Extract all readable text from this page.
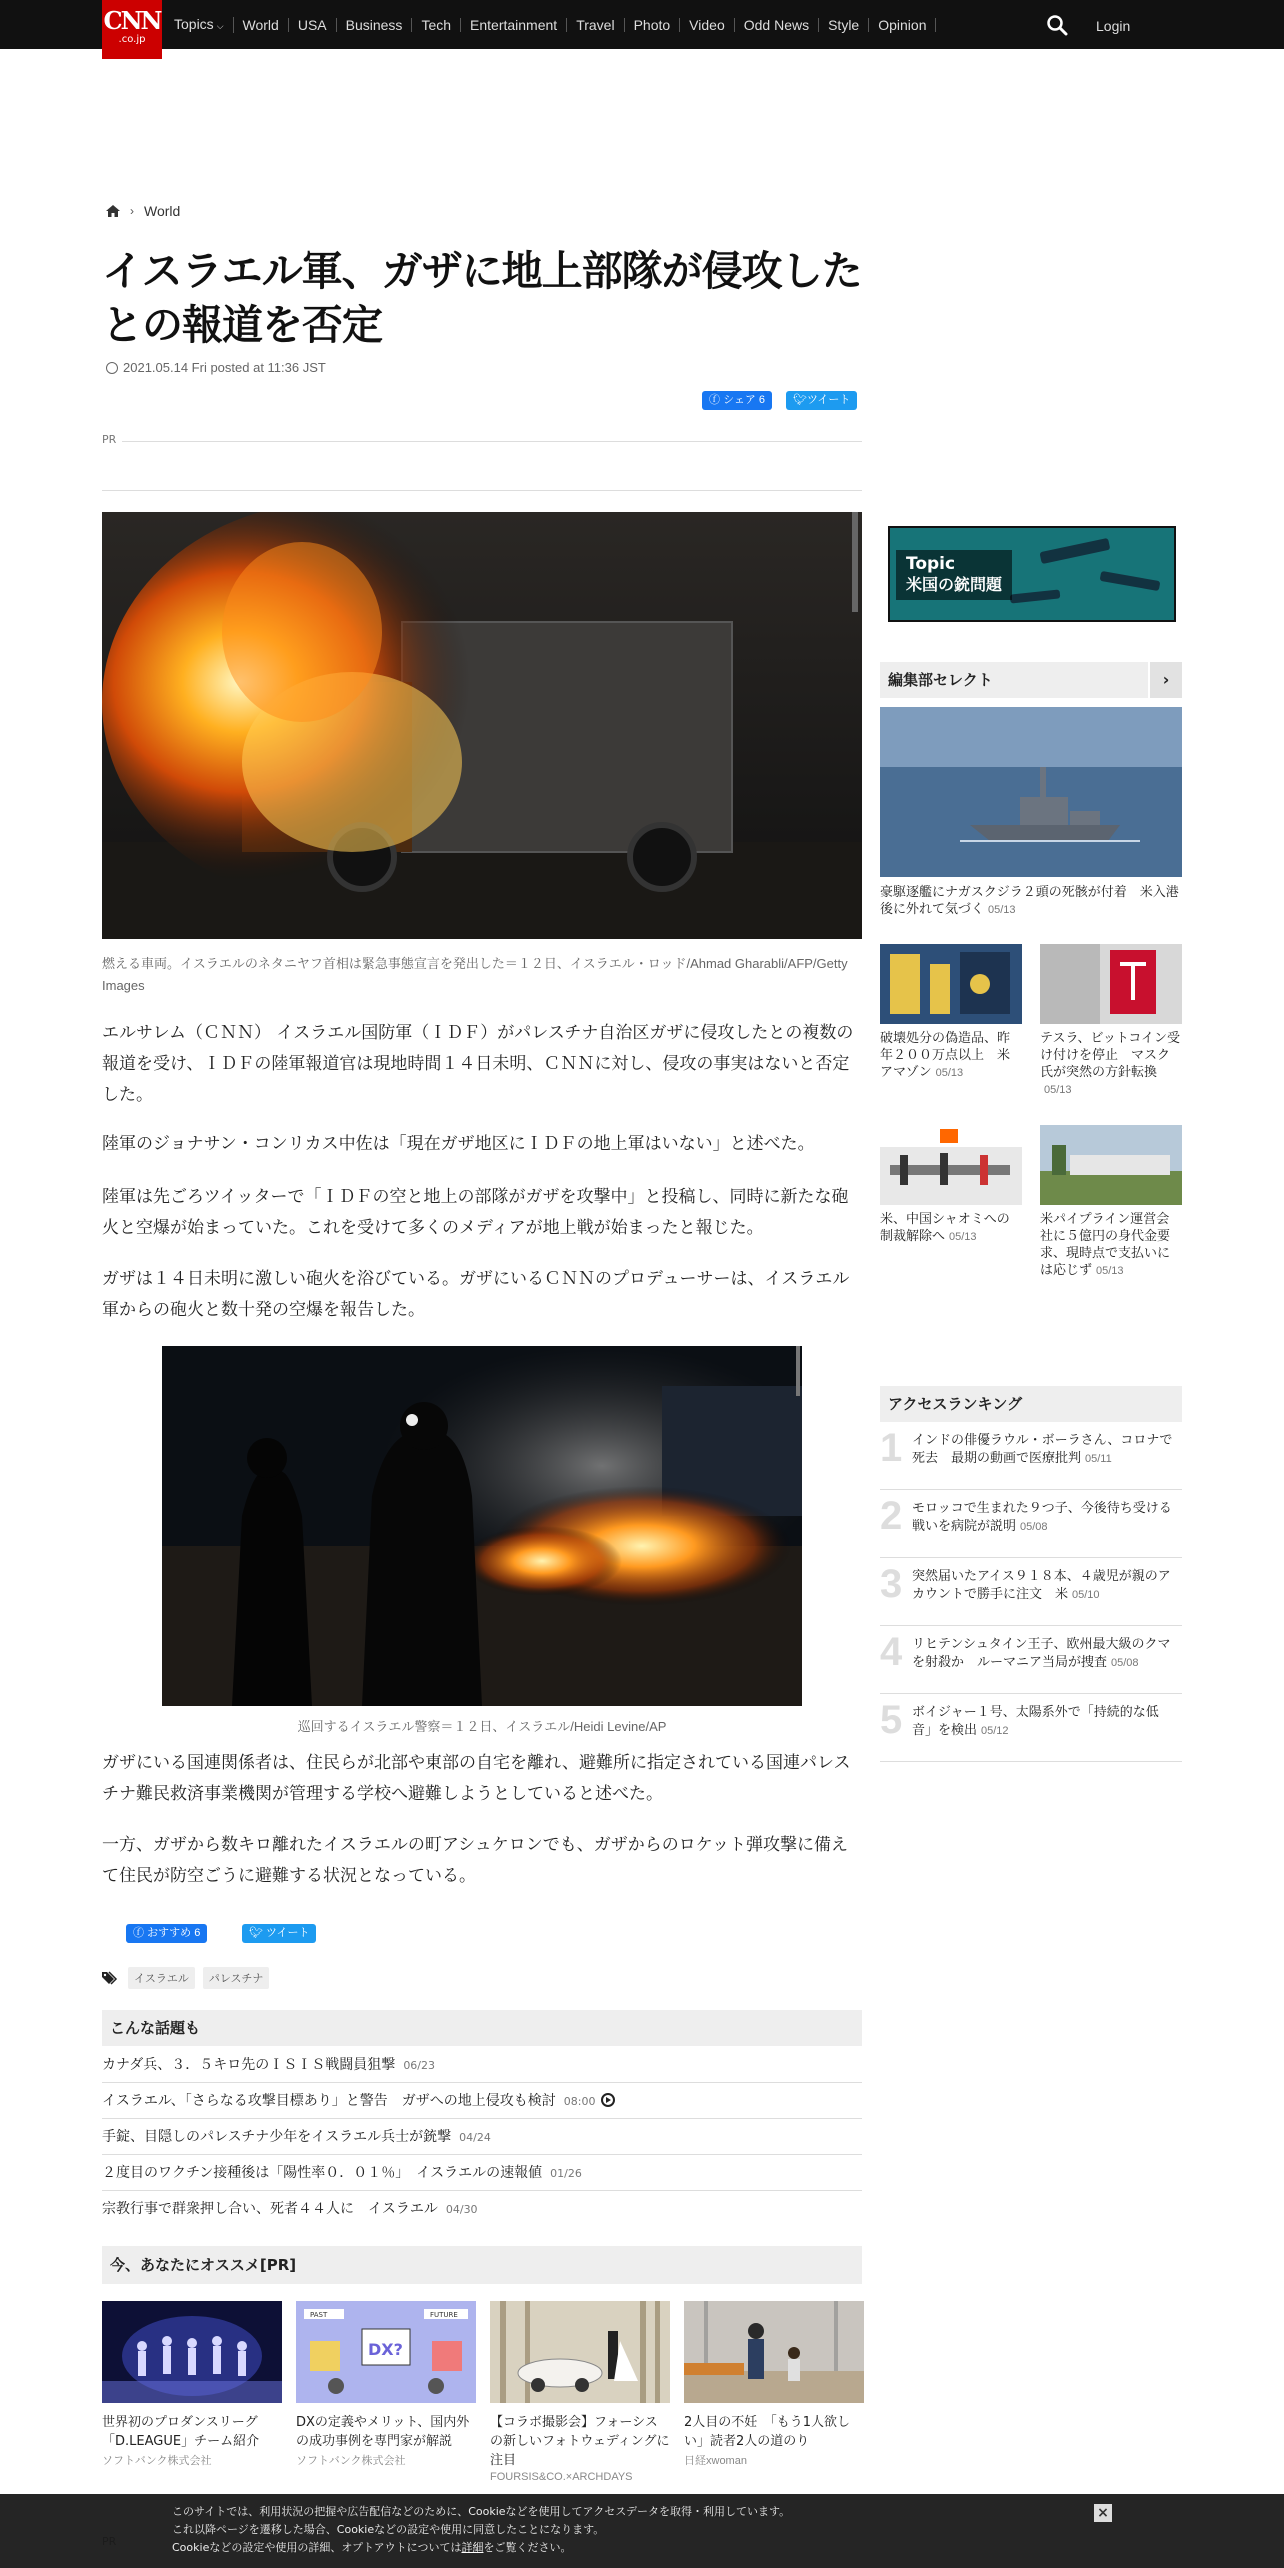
CNN
.co.jp
Topics ⌵	World	USA	Business	Tech	Entertainment	Travel	Photo	Video	Odd News	Style	Opinion	Login
› World
イスラエル軍、ガザに地上部隊が侵攻したとの報道を否定
2021.05.14 Fri posted at 11:36 JST
ⓕ シェア 6	🐦︎ツイート
PR
燃える車両。イスラエルのネタニヤフ首相は緊急事態宣言を発出した＝１２日、イスラエル・ロッド/Ahmad Gharabli/AFP/Getty Images

エルサレム（ＣＮＮ） イスラエル国防軍（ＩＤＦ）がパレスチナ自治区ガザに侵攻したとの複数の報道を受け、ＩＤＦの陸軍報道官は現地時間１４日未明、ＣＮＮに対し、侵攻の事実はないと否定した。

陸軍のジョナサン・コンリカス中佐は「現在ガザ地区にＩＤＦの地上軍はいない」と述べた。

陸軍は先ごろツイッターで「ＩＤＦの空と地上の部隊がガザを攻撃中」と投稿し、同時に新たな砲火と空爆が始まっていた。これを受けて多くのメディアが地上戦が始まったと報じた。

ガザは１４日未明に激しい砲火を浴びている。ガザにいるＣＮＮのプロデューサーは、イスラエル軍からの砲火と数十発の空爆を報告した。

巡回するイスラエル警察＝１２日、イスラエル/Heidi Levine/AP

ガザにいる国連関係者は、住民らが北部や東部の自宅を離れ、避難所に指定されている国連パレスチナ難民救済事業機関が管理する学校へ避難しようとしていると述べた。

一方、ガザから数キロ離れたイスラエルの町アシュケロンでも、ガザからのロケット弾攻撃に備えて住民が防空ごうに避難する状況となっている。

ⓕ おすすめ 6	🐦︎ ツイート
イスラエル	パレスチナ
こんな話題も
カナダ兵、３．５キロ先のＩＳＩＳ戦闘員狙撃 06/23
イスラエル、「さらなる攻撃目標あり」と警告　ガザへの地上侵攻も検討 08:00
手錠、目隠しのパレスチナ少年をイスラエル兵士が銃撃 04/24
２度目のワクチン接種後は「陽性率０．０１％」　イスラエルの速報値 01/26
宗教行事で群衆押し合い、死者４４人に　イスラエル 04/30
今、あなたにオススメ[PR]
世界初のプロダンスリーグ「D.LEAGUE」チーム紹介
ソフトバンク株式会社
PAST	FUTURE
DX?
DXの定義やメリット、国内外の成功事例を専門家が解説
ソフトバンク株式会社
【コラボ撮影会】フォーシスの新しいフォトウェディングに注目
FOURSIS&CO.×ARCHDAYS
2人目の不妊　「もう1人欲しい」読者2人の道のり
日経xwoman
Topic
米国の銃問題
編集部セレクト	›
豪駆逐艦にナガスクジラ２頭の死骸が付着　米入港後に外れて気づく 05/13
破壊処分の偽造品、昨年２００万点以上　米アマゾン 05/13
テスラ、ビットコイン受け付けを停止　マスク氏が突然の方針転換05/13
米、中国シャオミへの制裁解除へ 05/13
米パイプライン運営会社に５億円の身代金要求、現時点で支払いには応じず 05/13
アクセスランキング
1 インドの俳優ラウル・ボーラさん、コロナで死去　最期の動画で医療批判 05/11
2 モロッコで生まれた９つ子、今後待ち受ける戦いを病院が説明 05/08
3 突然届いたアイス９１８本、４歳児が親のアカウントで勝手に注文　米 05/10
4 リヒテンシュタイン王子、欧州最大級のクマを射殺か　ルーマニア当局が捜査 05/08
5 ボイジャー１号、太陽系外で「持続的な低音」を検出 05/12
このサイトでは、利用状況の把握や広告配信などのために、Cookieなどを使用してアクセスデータを取得・利用しています。
これ以降ページを遷移した場合、Cookieなどの設定や使用に同意したことになります。
Cookieなどの設定や使用の詳細、オプトアウトについては詳細をご覧ください。
×
